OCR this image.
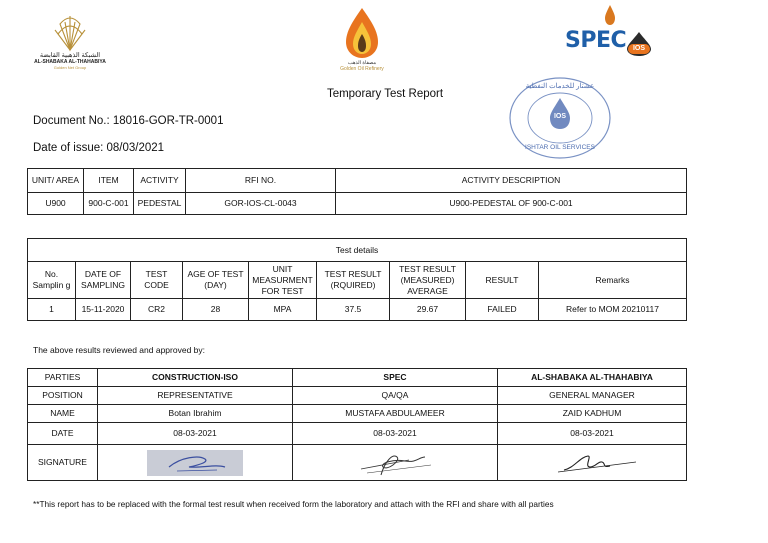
الشبكة الذهبية القابضة
AL-SHABAKA AL-THAHABIYA
Golden Net Group
مصفاة الذهب
Golden Oil Refinery
SPEC IOS
Temporary Test Report
Document No.: 18016-GOR-TR-0001
Date of issue: 08/03/2021
عشتار للخدمات النفطية
IOS
ISHTAR OIL SERVICES
UNIT/ AREA	ITEM	ACTIVITY	RFI NO.	ACTIVITY DESCRIPTION
U900	900-C-001	PEDESTAL	GOR-IOS-CL-0043	U900-PEDESTAL OF 900-C-001
Test details								
No. Samplin g	DATE OF SAMPLING	TEST CODE	AGE OF TEST (DAY)	UNIT MEASURMENT FOR TEST	TEST RESULT (RQUIRED)	TEST RESULT (MEASURED) AVERAGE	RESULT	Remarks
1	15-11-2020	CR2	28	MPA	37.5	29.67	FAILED	Refer to MOM 20210117
The above results reviewed and approved by:
PARTIES	CONSTRUCTION-ISO	SPEC	AL-SHABAKA AL-THAHABIYA
POSITION	REPRESENTATIVE	QA/QA	GENERAL MANAGER
NAME	Botan Ibrahim	MUSTAFA ABDULAMEER	ZAID KADHUM
DATE	08-03-2021	08-03-2021	08-03-2021
SIGNATURE	

**This report has to be replaced with the formal test result when received form the laboratory and attach with the RFI and share with all parties
